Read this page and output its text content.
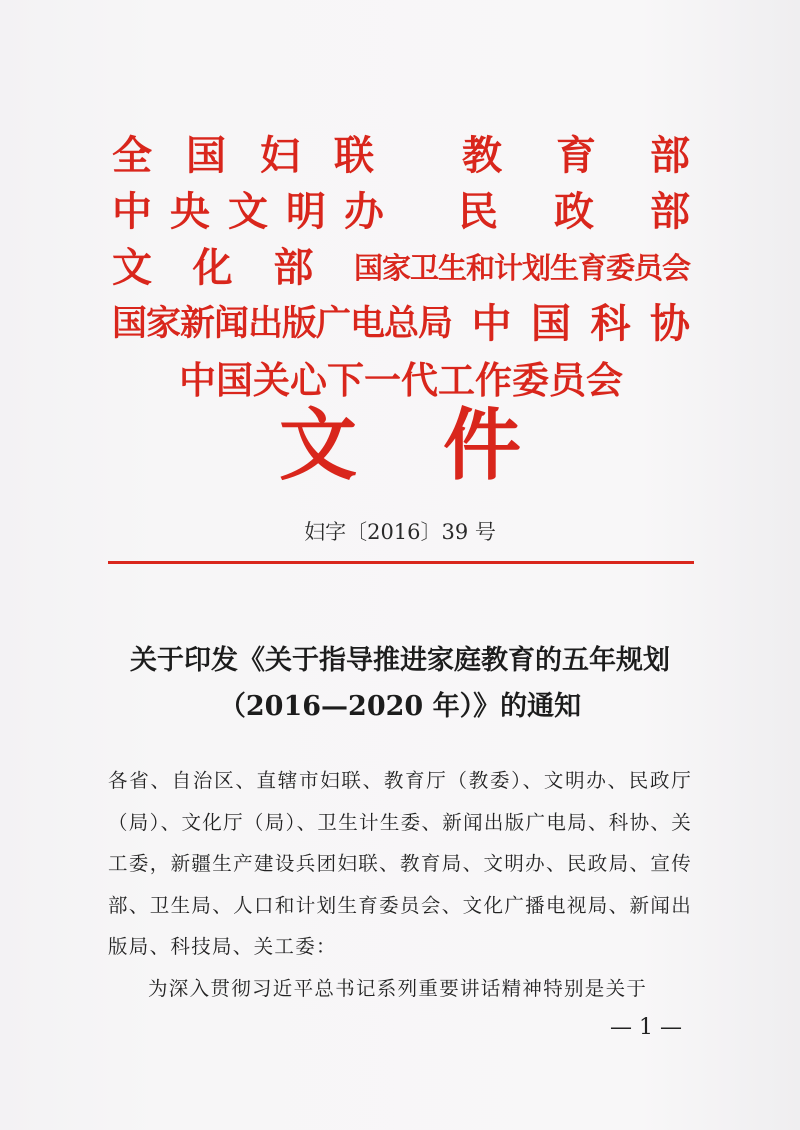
全国妇联 教 育 部
中央文明办 民 政 部
文 化 部 国家卫生和计划生育委员会
国家新闻出版广电总局 中 国 科 协
中国关心下一代工作委员会
文件
妇字〔2016〕39 号
关于印发《关于指导推进家庭教育的五年规划
（2016—2020 年）》的通知

各省、自治区、直辖市妇联、教育厅（教委）、文明办、民政厅（局）、文化厅（局）、卫生计生委、新闻出版广电局、科协、关工委，新疆生产建设兵团妇联、教育局、文明办、民政局、宣传部、卫生局、人口和计划生育委员会、文化广播电视局、新闻出版局、科技局、关工委：

为深入贯彻习近平总书记系列重要讲话精神特别是关于

— 1 —
